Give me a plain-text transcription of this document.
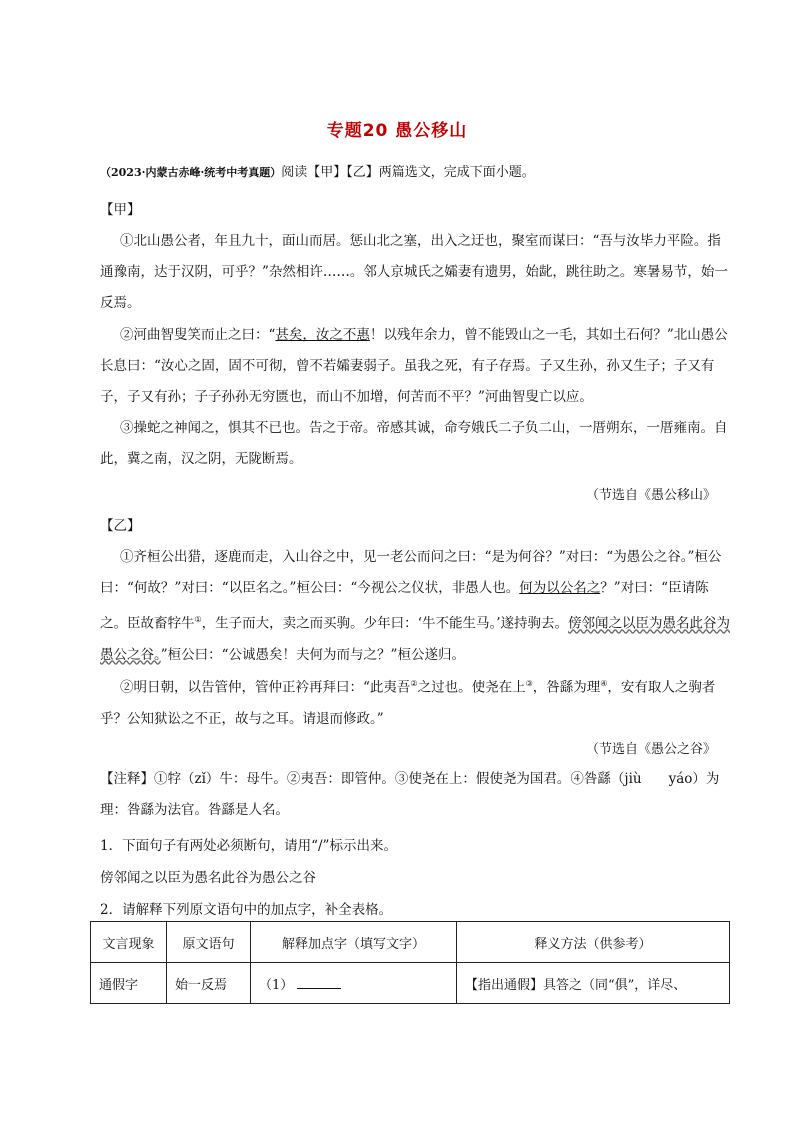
专题20 愚公移山
（2023·内蒙古赤峰·统考中考真题）阅读【甲】【乙】两篇选文，完成下面小题。
【甲】
①北山愚公者，年且九十，面山而居。惩山北之塞，出入之迂也，聚室而谋曰：“吾与汝毕力平险。指通豫南，达于汉阴，可乎？”杂然相许……。邻人京城氏之孀妻有遗男，始龀，跳往助之。寒暑易节，始一反焉。
②河曲智叟笑而止之曰：“甚矣，汝之不惠！以残年余力，曾不能毁山之一毛，其如土石何？”北山愚公长息曰：“汝心之固，固不可彻，曾不若孀妻弱子。虽我之死，有子存焉。子又生孙，孙又生子；子又有子，子又有孙；子子孙孙无穷匮也，而山不加增，何苦而不平？”河曲智叟亡以应。
③操蛇之神闻之，惧其不已也。告之于帝。帝感其诚，命夸娥氏二子负二山，一厝朔东，一厝雍南。自此，冀之南，汉之阴，无陇断焉。
（节选自《愚公移山》
【乙】
①齐桓公出猎，逐鹿而走，入山谷之中，见一老公而问之曰：“是为何谷？”对曰：“为愚公之谷。”桓公曰：“何故？”对曰：“以臣名之。”桓公曰：“今视公之仪状，非愚人也。何为以公名之？”对曰：“臣请陈之。臣故畜牸牛①，生子而大，卖之而买驹。少年曰：‘牛不能生马。’遂持驹去。傍邻闻之以臣为愚名此谷为愚公之谷。”桓公曰：“公诚愚矣！夫何为而与之？”桓公遂归。
②明日朝，以告管仲，管仲正衿再拜曰：“此夷吾②之过也。使尧在上③，咎繇为理④，安有取人之驹者乎？公知狱讼之不正，故与之耳。请退而修政。”
（节选自《愚公之谷》
【注释】①牸（zǐ）牛：母牛。②夷吾：即管仲。③使尧在上：假使尧为国君。④咎繇（jiù　　yáo）为理：咎繇为法官。咎繇是人名。
1．下面句子有两处必须断句，请用“/”标示出来。
傍邻闻之以臣为愚名此谷为愚公之谷
2．请解释下列原文语句中的加点字，补全表格。
文言现象	原文语句	解释加点字（填写文字）	释义方法（供参考）
通假字	始一反焉	（1）	【指出通假】具答之（同“俱”，详尽、
